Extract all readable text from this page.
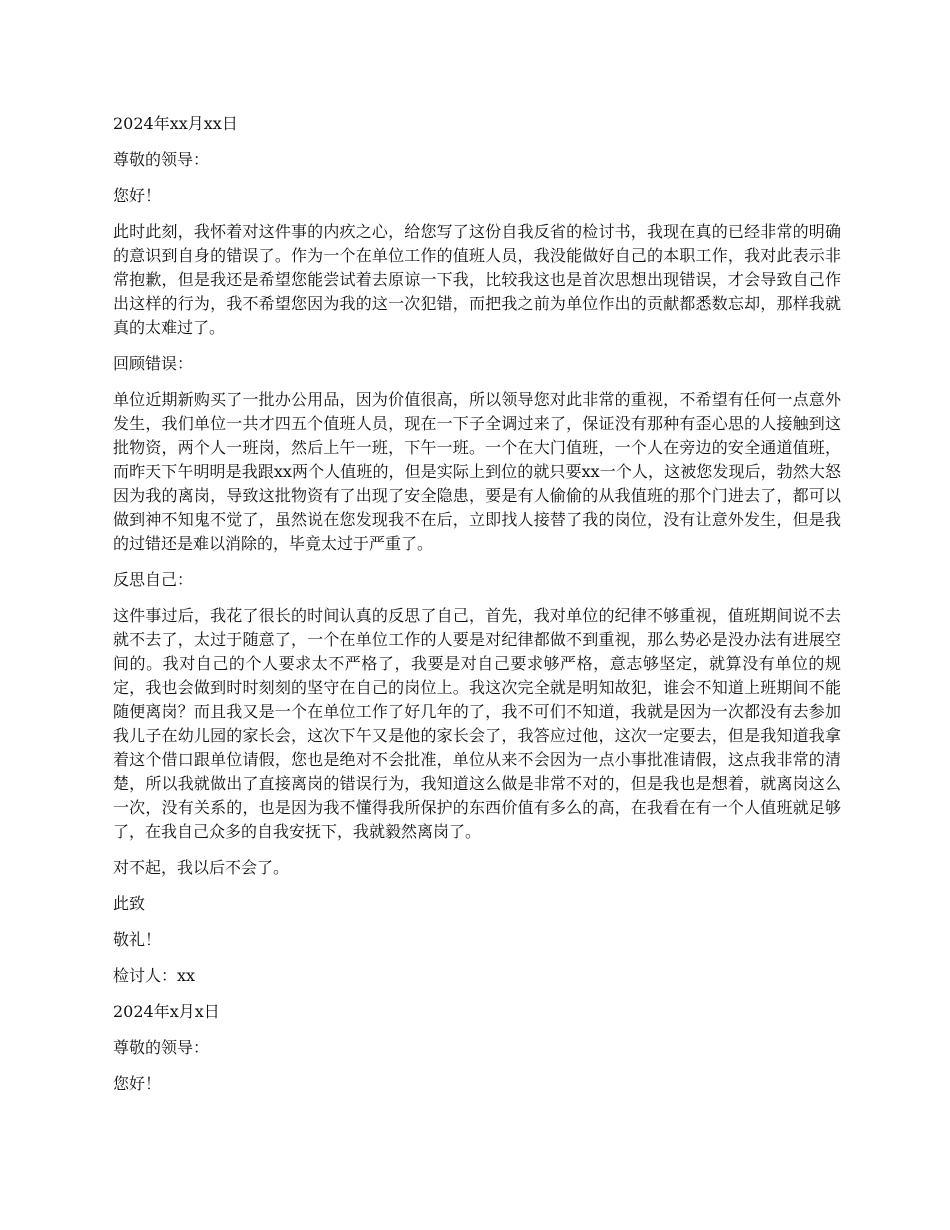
2024年xx月xx日
尊敬的领导：
您好！
此时此刻，我怀着对这件事的内疚之心，给您写了这份自我反省的检讨书，我现在真的已经非常的明确的意识到自身的错误了。作为一个在单位工作的值班人员，我没能做好自己的本职工作，我对此表示非常抱歉，但是我还是希望您能尝试着去原谅一下我，比较我这也是首次思想出现错误，才会导致自己作出这样的行为，我不希望您因为我的这一次犯错，而把我之前为单位作出的贡献都悉数忘却，那样我就真的太难过了。
回顾错误：
单位近期新购买了一批办公用品，因为价值很高，所以领导您对此非常的重视，不希望有任何一点意外发生，我们单位一共才四五个值班人员，现在一下子全调过来了，保证没有那种有歪心思的人接触到这批物资，两个人一班岗，然后上午一班，下午一班。一个在大门值班，一个人在旁边的安全通道值班，而昨天下午明明是我跟xx两个人值班的，但是实际上到位的就只要xx一个人，这被您发现后，勃然大怒因为我的离岗，导致这批物资有了出现了安全隐患，要是有人偷偷的从我值班的那个门进去了，都可以做到神不知鬼不觉了，虽然说在您发现我不在后，立即找人接替了我的岗位，没有让意外发生，但是我的过错还是难以消除的，毕竟太过于严重了。
反思自己：
这件事过后，我花了很长的时间认真的反思了自己，首先，我对单位的纪律不够重视，值班期间说不去就不去了，太过于随意了，一个在单位工作的人要是对纪律都做不到重视，那么势必是没办法有进展空间的。我对自己的个人要求太不严格了，我要是对自己要求够严格，意志够坚定，就算没有单位的规定，我也会做到时时刻刻的坚守在自己的岗位上。我这次完全就是明知故犯，谁会不知道上班期间不能随便离岗？而且我又是一个在单位工作了好几年的了，我不可们不知道，我就是因为一次都没有去参加我儿子在幼儿园的家长会，这次下午又是他的家长会了，我答应过他，这次一定要去，但是我知道我拿着这个借口跟单位请假，您也是绝对不会批准，单位从来不会因为一点小事批准请假，这点我非常的清楚，所以我就做出了直接离岗的错误行为，我知道这么做是非常不对的，但是我也是想着，就离岗这么一次，没有关系的，也是因为我不懂得我所保护的东西价值有多么的高，在我看在有一个人值班就足够了，在我自己众多的自我安抚下，我就毅然离岗了。
对不起，我以后不会了。
此致
敬礼！
检讨人：xx
2024年x月x日
尊敬的领导：
您好！
